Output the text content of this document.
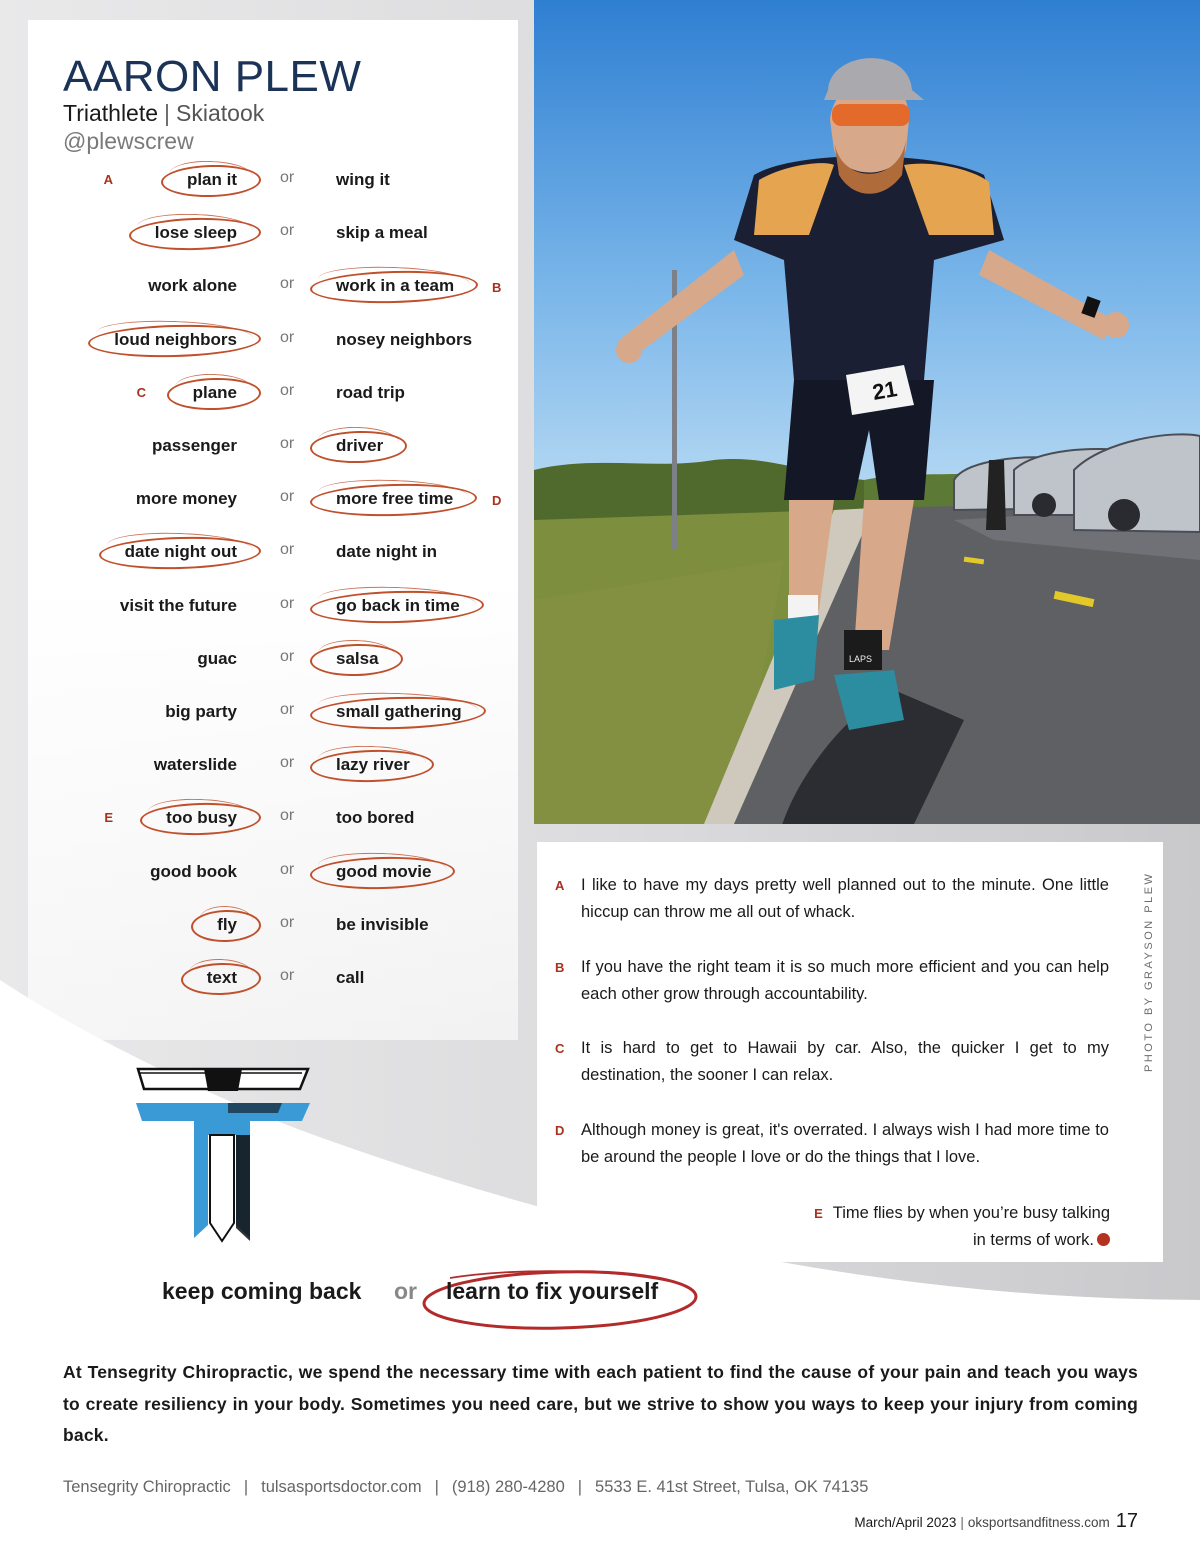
AARON PLEW
Triathlete | Skiatook
@plewscrew
plan it	or wing it
A
lose sleep	or skip a meal
work alone	or work in a team	B
loud neighbors	or nosey neighbors
plane	or road trip
C
passenger	or driver
more money	or more free time	D
date night out	or date night in
visit the future	or go back in time
guac	or salsa
big party	or small gathering
waterslide	or lazy river
too busy	or too bored
E
good book	or good movie
fly	or be invisible
text	or call
21
LAPS
A I like to have my days pretty well planned out to the minute. One little hiccup can throw me all out of whack.
B If you have the right team it is so much more efficient and you can help each other grow through accountability.
C It is hard to get to Hawaii by car. Also, the quicker I get to my destination, the sooner I can relax.
D Although money is great, it's overrated. I always wish I had more time to be around the people I love or do the things that I love.
E Time flies by when you’re busy talking
in terms of work.
PHOTO BY GRAYSON PLEW
keep coming back or learn to fix yourself
At Tensegrity Chiropractic, we spend the necessary time with each patient to find the cause of your pain and teach you ways to create resiliency in your body. Sometimes you need care, but we strive to show you ways to keep your injury from coming back.
Tensegrity Chiropractic | tulsasportsdoctor.com | (918) 280-4280 | 5533 E. 41st Street, Tulsa, OK 74135
March/April 2023 | oksportsandfitness.com 17
